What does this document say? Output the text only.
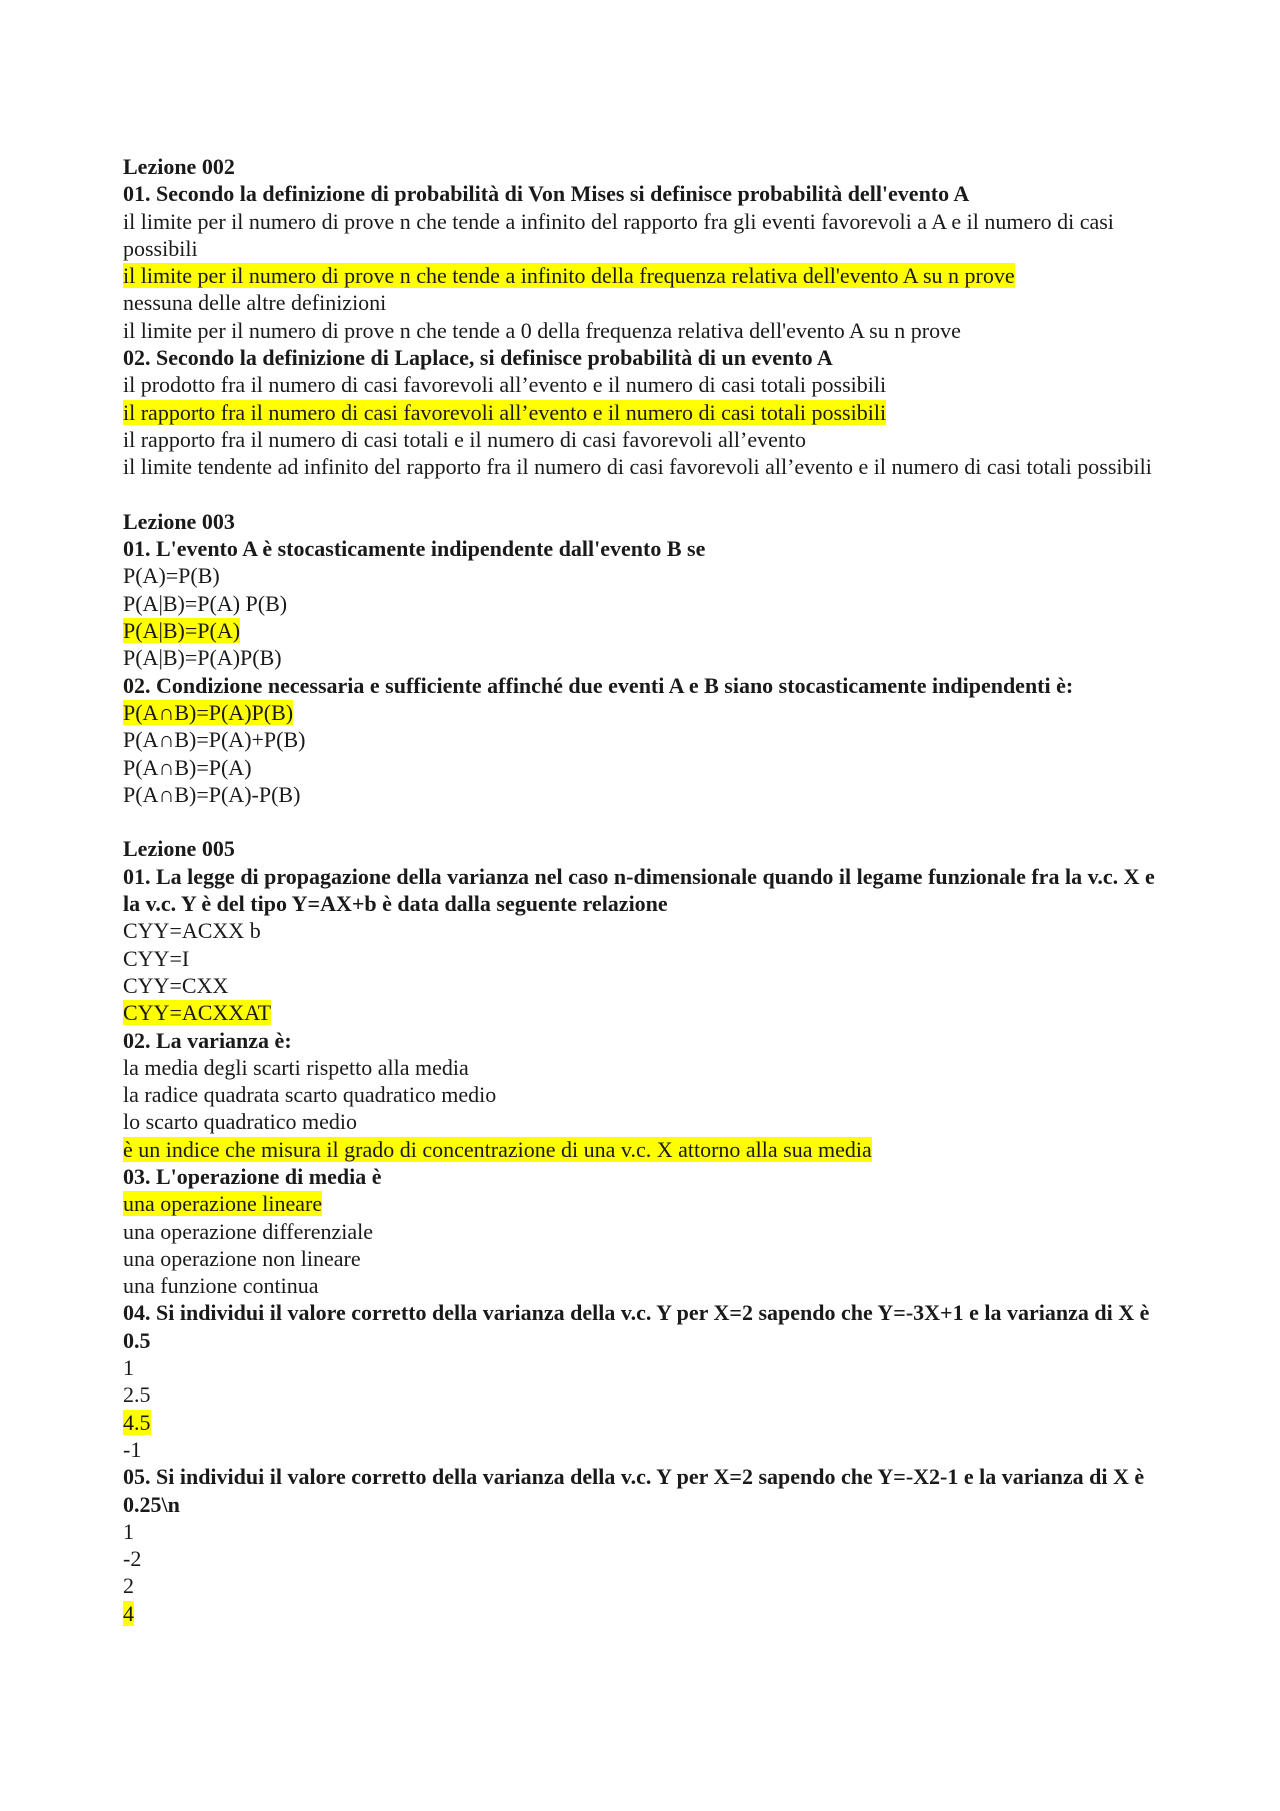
Lezione 002
01. Secondo la definizione di probabilità di Von Mises si definisce probabilità dell'evento A
il limite per il numero di prove n che tende a infinito del rapporto fra gli eventi favorevoli a A e il numero di casi possibili
il limite per il numero di prove n che tende a infinito della frequenza relativa dell'evento A su n prove
nessuna delle altre definizioni
il limite per il numero di prove n che tende a 0 della frequenza relativa dell'evento A su n prove
02. Secondo la definizione di Laplace, si definisce probabilità di un evento A
il prodotto fra il numero di casi favorevoli all’evento e il numero di casi totali possibili
il rapporto fra il numero di casi favorevoli all’evento e il numero di casi totali possibili
il rapporto fra il numero di casi totali e il numero di casi favorevoli all’evento
il limite tendente ad infinito del rapporto fra il numero di casi favorevoli all’evento e il numero di casi totali possibili
Lezione 003
01. L'evento A è stocasticamente indipendente dall'evento B se
P(A)=P(B)
P(A|B)=P(A) P(B)
P(A|B)=P(A)
P(A|B)=P(A)P(B)
02. Condizione necessaria e sufficiente affinché due eventi A e B siano stocasticamente indipendenti è:
P(A∩B)=P(A)P(B)
P(A∩B)=P(A)+P(B)
P(A∩B)=P(A)
P(A∩B)=P(A)-P(B)
Lezione 005
01. La legge di propagazione della varianza nel caso n-dimensionale quando il legame funzionale fra la v.c. X e la v.c. Y è del tipo Y=AX+b è data dalla seguente relazione
CYY=ACXX b
CYY=I
CYY=CXX
CYY=ACXXAT
02. La varianza è:
la media degli scarti rispetto alla media
la radice quadrata scarto quadratico medio
lo scarto quadratico medio
è un indice che misura il grado di concentrazione di una v.c. X attorno alla sua media
03. L'operazione di media è
una operazione lineare
una operazione differenziale
una operazione non lineare
una funzione continua
04. Si individui il valore corretto della varianza della v.c. Y per X=2 sapendo che Y=-3X+1 e la varianza di X è 0.5
1
2.5
4.5
-1
05. Si individui il valore corretto della varianza della v.c. Y per X=2 sapendo che Y=-X2-1 e la varianza di X è 0.25\n
1
-2
2
4
